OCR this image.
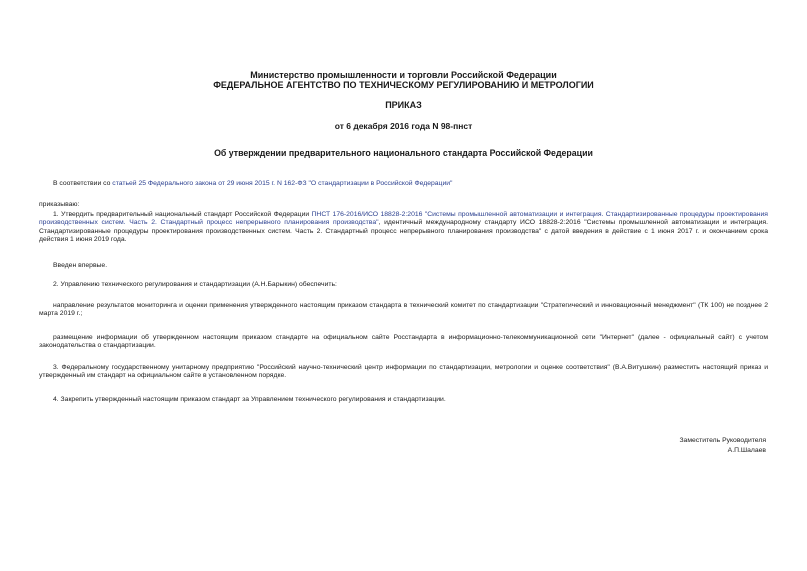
Министерство промышленности и торговли Российской Федерации

ФЕДЕРАЛЬНОЕ АГЕНТСТВО ПО ТЕХНИЧЕСКОМУ РЕГУЛИРОВАНИЮ И МЕТРОЛОГИИ

ПРИКАЗ
от 6 декабря 2016 года N 98-пнст
Об утверждении предварительного национального стандарта Российской Федерации

В соответствии со статьей 25 Федерального закона от 29 июня 2015 г. N 162-ФЗ "О стандартизации в Российской Федерации"

приказываю:

1. Утвердить предварительный национальный стандарт Российской Федерации ПНСТ 176-2016/ИСО 18828-2:2016 "Системы промышленной автоматизации и интеграция. Стандартизированные процедуры проектирования производственных систем. Часть 2. Стандартный процесс непрерывного планирования производства", идентичный международному стандарту ИСО 18828-2:2016 "Системы промышленной автоматизации и интеграция. Стандартизированные процедуры проектирования производственных систем. Часть 2. Стандартный процесс непрерывного планирования производства" с датой введения в действие с 1 июня 2017 г. и окончанием срока действия 1 июня 2019 года.

Введен впервые.

2. Управлению технического регулирования и стандартизации (А.Н.Барыкин) обеспечить:

направление результатов мониторинга и оценки применения утвержденного настоящим приказом стандарта в технический комитет по стандартизации "Стратегический и инновационный менеджмент" (ТК 100) не позднее 2 марта 2019 г.;

размещение информации об утвержденном настоящим приказом стандарте на официальном сайте Росстандарта в информационно-телекоммуникационной сети "Интернет" (далее - официальный сайт) с учетом законодательства о стандартизации.

3. Федеральному государственному унитарному предприятию "Российский научно-технический центр информации по стандартизации, метрологии и оценке соответствия" (В.А.Витушкин) разместить настоящий приказ и утвержденный им стандарт на официальном сайте в установленном порядке.

4. Закрепить утвержденный настоящим приказом стандарт за Управлением технического регулирования и стандартизации.

Заместитель Руководителя
А.П.Шалаев
